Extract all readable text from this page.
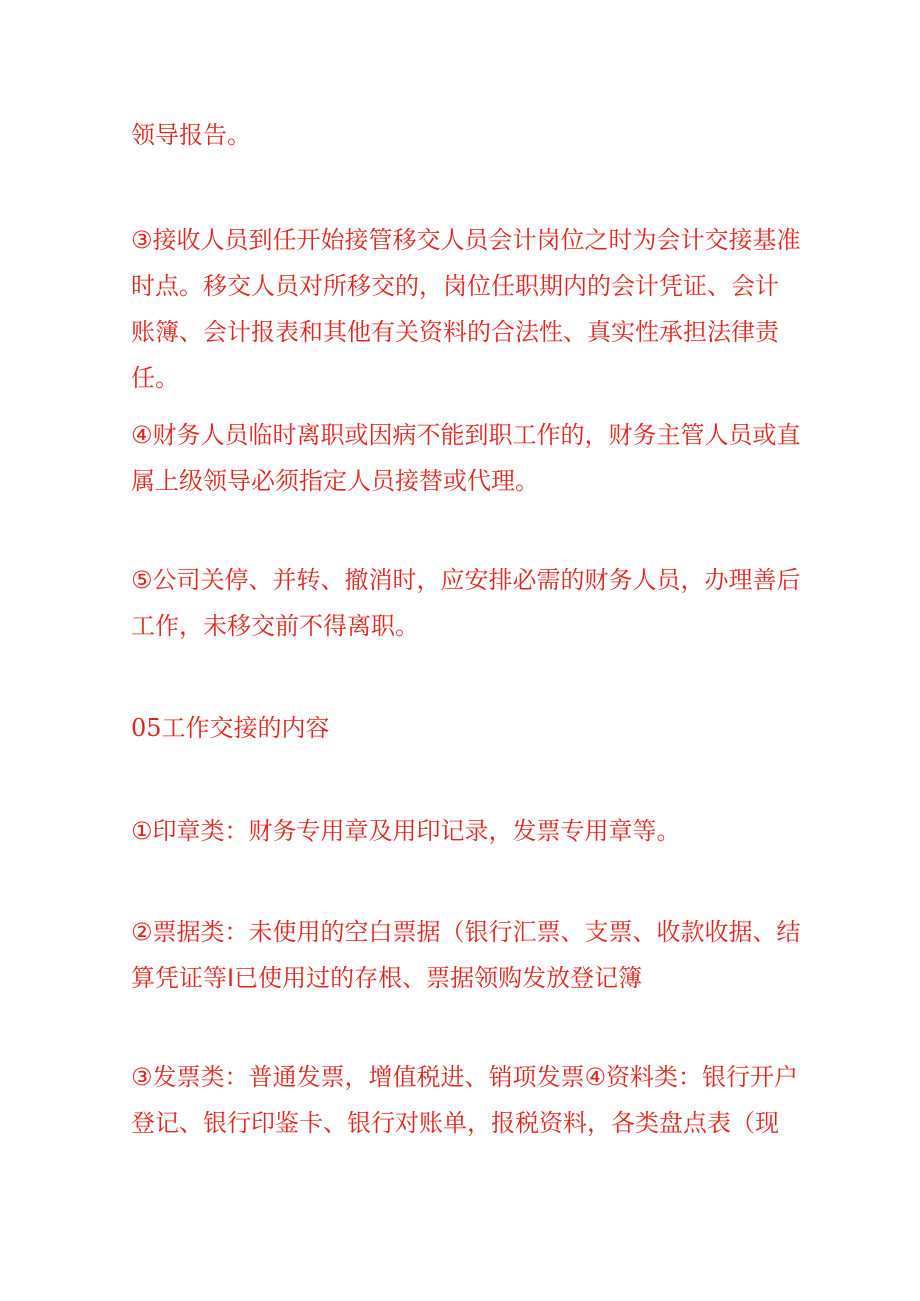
领导报告。

③接收人员到任开始接管移交人员会计岗位之时为会计交接基准时点。移交人员对所移交的，岗位任职期内的会计凭证、会计账簿、会计报表和其他有关资料的合法性、真实性承担法律责任。

④财务人员临时离职或因病不能到职工作的，财务主管人员或直属上级领导必须指定人员接替或代理。

⑤公司关停、并转、撤消时，应安排必需的财务人员，办理善后工作，未移交前不得离职。

05工作交接的内容

①印章类：财务专用章及用印记录，发票专用章等。

②票据类：未使用的空白票据（银行汇票、支票、收款收据、结算凭证等I已使用过的存根、票据领购发放登记簿

③发票类：普通发票，增值税进、销项发票④资料类：银行开户登记、银行印鉴卡、银行对账单，报税资料，各类盘点表（现
